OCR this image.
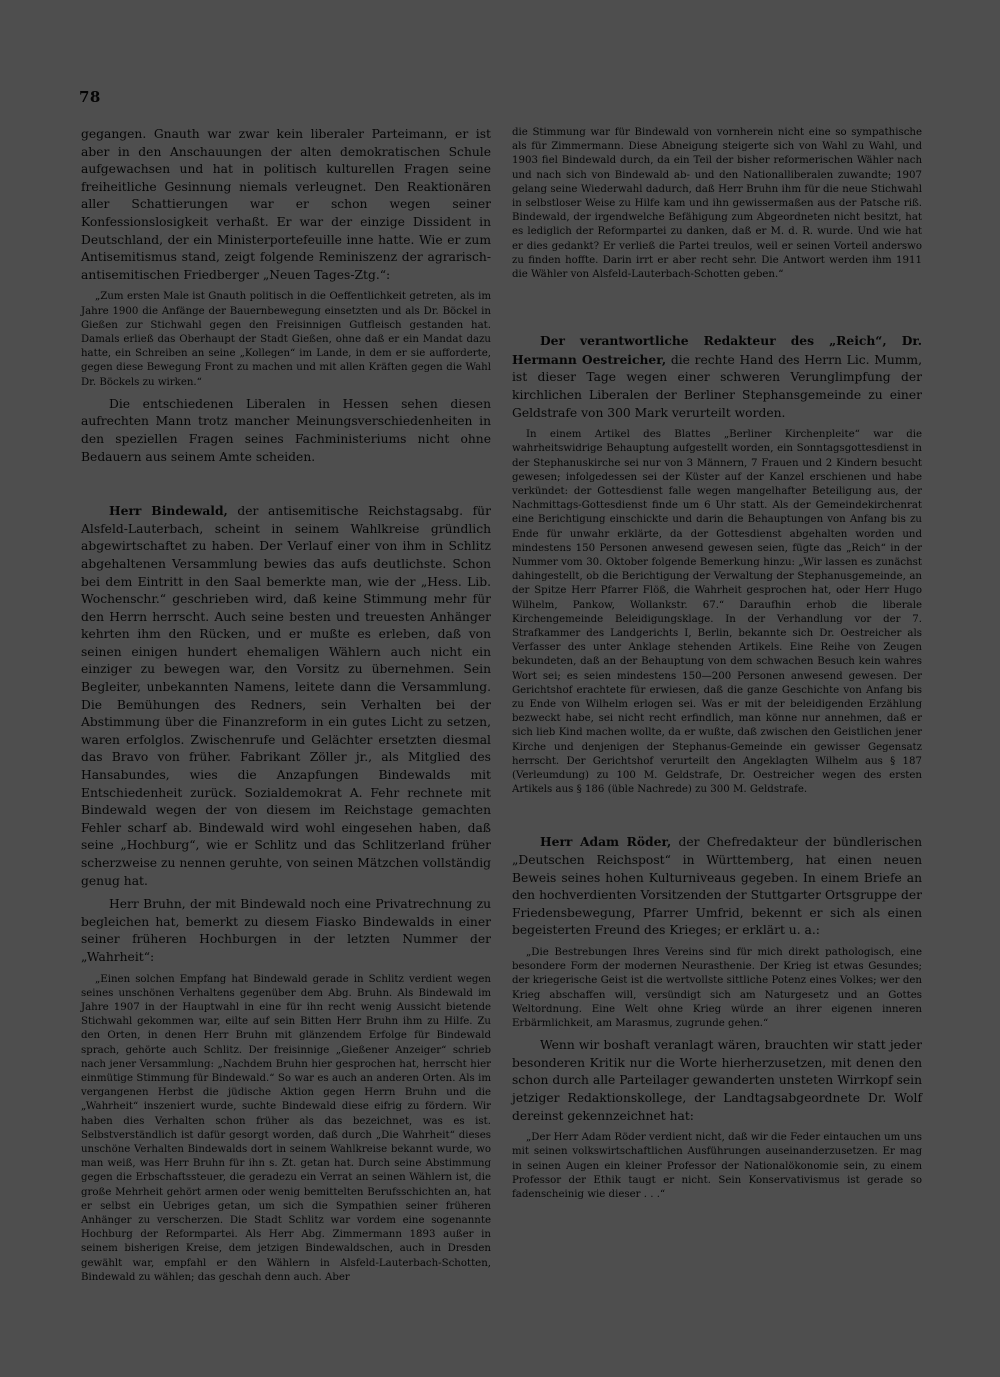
78

gegangen. Gnauth war zwar kein liberaler Parteimann, er ist aber in den Anschauungen der alten demokratischen Schule aufgewachsen und hat in politisch kulturellen Fragen seine freiheitliche Gesinnung niemals verleugnet. Den Reaktionären aller Schattierungen war er schon wegen seiner Konfessionslosigkeit verhaßt. Er war der einzige Dissident in Deutschland, der ein Ministerportefeuille inne hatte. Wie er zum Antisemitismus stand, zeigt folgende Reminiszenz der agrarisch-antisemitischen Friedberger „Neuen Tages-Ztg.“:

„Zum ersten Male ist Gnauth politisch in die Oeffentlichkeit getreten, als im Jahre 1900 die Anfänge der Bauernbewegung einsetzten und als Dr. Böckel in Gießen zur Stichwahl gegen den Freisinnigen Gutfleisch gestanden hat. Damals erließ das Oberhaupt der Stadt Gießen, ohne daß er ein Mandat dazu hatte, ein Schreiben an seine „Kollegen“ im Lande, in dem er sie aufforderte, gegen diese Bewegung Front zu machen und mit allen Kräften gegen die Wahl Dr. Böckels zu wirken.“

Die entschiedenen Liberalen in Hessen sehen diesen aufrechten Mann trotz mancher Meinungsverschiedenheiten in den speziellen Fragen seines Fachministeriums nicht ohne Bedauern aus seinem Amte scheiden.

Herr Bindewald, der antisemitische Reichstagsabg. für Alsfeld-Lauterbach, scheint in seinem Wahlkreise gründlich abgewirtschaftet zu haben. Der Verlauf einer von ihm in Schlitz abgehaltenen Versammlung bewies das aufs deutlichste. Schon bei dem Eintritt in den Saal bemerkte man, wie der „Hess. Lib. Wochenschr.“ geschrieben wird, daß keine Stimmung mehr für den Herrn herrscht. Auch seine besten und treuesten Anhänger kehrten ihm den Rücken, und er mußte es erleben, daß von seinen einigen hundert ehemaligen Wählern auch nicht ein einziger zu bewegen war, den Vorsitz zu übernehmen. Sein Begleiter, unbekannten Namens, leitete dann die Versammlung. Die Bemühungen des Redners, sein Verhalten bei der Abstimmung über die Finanzreform in ein gutes Licht zu setzen, waren erfolglos. Zwischenrufe und Gelächter ersetzten diesmal das Bravo von früher. Fabrikant Zöller jr., als Mitglied des Hansabundes, wies die Anzapfungen Bindewalds mit Entschiedenheit zurück. Sozialdemokrat A. Fehr rechnete mit Bindewald wegen der von diesem im Reichstage gemachten Fehler scharf ab. Bindewald wird wohl eingesehen haben, daß seine „Hochburg“, wie er Schlitz und das Schlitzerland früher scherzweise zu nennen geruhte, von seinen Mätzchen vollständig genug hat.

Herr Bruhn, der mit Bindewald noch eine Privatrechnung zu begleichen hat, bemerkt zu diesem Fiasko Bindewalds in einer seiner früheren Hochburgen in der letzten Nummer der „Wahrheit“:

„Einen solchen Empfang hat Bindewald gerade in Schlitz verdient wegen seines unschönen Verhaltens gegenüber dem Abg. Bruhn. Als Bindewald im Jahre 1907 in der Hauptwahl in eine für ihn recht wenig Aussicht bietende Stichwahl gekommen war, eilte auf sein Bitten Herr Bruhn ihm zu Hilfe. Zu den Orten, in denen Herr Bruhn mit glänzendem Erfolge für Bindewald sprach, gehörte auch Schlitz. Der freisinnige „Gießener Anzeiger“ schrieb nach jener Versammlung: „Nachdem Bruhn hier gesprochen hat, herrscht hier einmütige Stimmung für Bindewald.“ So war es auch an anderen Orten. Als im vergangenen Herbst die jüdische Aktion gegen Herrn Bruhn und die „Wahrheit“ inszeniert wurde, suchte Bindewald diese eifrig zu fördern. Wir haben dies Verhalten schon früher als das bezeichnet, was es ist. Selbstverständlich ist dafür gesorgt worden, daß durch „Die Wahrheit“ dieses unschöne Verhalten Bindewalds dort in seinem Wahlkreise bekannt wurde, wo man weiß, was Herr Bruhn für ihn s. Zt. getan hat. Durch seine Abstimmung gegen die Erbschaftssteuer, die geradezu ein Verrat an seinen Wählern ist, die große Mehrheit gehört armen oder wenig bemittelten Berufsschichten an, hat er selbst ein Uebriges getan, um sich die Sympathien seiner früheren Anhänger zu verscherzen. Die Stadt Schlitz war vordem eine sogenannte Hochburg der Reformpartei. Als Herr Abg. Zimmermann 1893 außer in seinem bisherigen Kreise, dem jetzigen Bindewaldschen, auch in Dresden gewählt war, empfahl er den Wählern in Alsfeld-Lauterbach-Schotten, Bindewald zu wählen; das geschah denn auch. Aber

die Stimmung war für Bindewald von vornherein nicht eine so sympathische als für Zimmermann. Diese Abneigung steigerte sich von Wahl zu Wahl, und 1903 fiel Bindewald durch, da ein Teil der bisher reformerischen Wähler nach und nach sich von Bindewald ab- und den Nationalliberalen zuwandte; 1907 gelang seine Wiederwahl dadurch, daß Herr Bruhn ihm für die neue Stichwahl in selbstloser Weise zu Hilfe kam und ihn gewissermaßen aus der Patsche riß. Bindewald, der irgendwelche Befähigung zum Abgeordneten nicht besitzt, hat es lediglich der Reformpartei zu danken, daß er M. d. R. wurde. Und wie hat er dies gedankt? Er verließ die Partei treulos, weil er seinen Vorteil anderswo zu finden hoffte. Darin irrt er aber recht sehr. Die Antwort werden ihm 1911 die Wähler von Alsfeld-Lauterbach-Schotten geben.“

Der verantwortliche Redakteur des „Reich“, Dr. Hermann Oestreicher, die rechte Hand des Herrn Lic. Mumm, ist dieser Tage wegen einer schweren Verunglimpfung der kirchlichen Liberalen der Berliner Stephansgemeinde zu einer Geldstrafe von 300 Mark verurteilt worden.

In einem Artikel des Blattes „Berliner Kirchenpleite“ war die wahrheitswidrige Behauptung aufgestellt worden, ein Sonntagsgottesdienst in der Stephanuskirche sei nur von 3 Männern, 7 Frauen und 2 Kindern besucht gewesen; infolgedessen sei der Küster auf der Kanzel erschienen und habe verkündet: der Gottesdienst falle wegen mangelhafter Beteiligung aus, der Nachmittags-Gottesdienst finde um 6 Uhr statt. Als der Gemeindekirchenrat eine Berichtigung einschickte und darin die Behauptungen von Anfang bis zu Ende für unwahr erklärte, da der Gottesdienst abgehalten worden und mindestens 150 Personen anwesend gewesen seien, fügte das „Reich“ in der Nummer vom 30. Oktober folgende Bemerkung hinzu: „Wir lassen es zunächst dahingestellt, ob die Berichtigung der Verwaltung der Stephanusgemeinde, an der Spitze Herr Pfarrer Flöß, die Wahrheit gesprochen hat, oder Herr Hugo Wilhelm, Pankow, Wollankstr. 67.“ Daraufhin erhob die liberale Kirchengemeinde Beleidigungsklage. In der Verhandlung vor der 7. Strafkammer des Landgerichts I, Berlin, bekannte sich Dr. Oestreicher als Verfasser des unter Anklage stehenden Artikels. Eine Reihe von Zeugen bekundeten, daß an der Behauptung von dem schwachen Besuch kein wahres Wort sei; es seien mindestens 150—200 Personen anwesend gewesen. Der Gerichtshof erachtete für erwiesen, daß die ganze Geschichte von Anfang bis zu Ende von Wilhelm erlogen sei. Was er mit der beleidigenden Erzählung bezweckt habe, sei nicht recht erfindlich, man könne nur annehmen, daß er sich lieb Kind machen wollte, da er wußte, daß zwischen den Geistlichen jener Kirche und denjenigen der Stephanus-Gemeinde ein gewisser Gegensatz herrscht. Der Gerichtshof verurteilt den Angeklagten Wilhelm aus § 187 (Verleumdung) zu 100 M. Geldstrafe, Dr. Oestreicher wegen des ersten Artikels aus § 186 (üble Nachrede) zu 300 M. Geldstrafe.

Herr Adam Röder, der Chefredakteur der bündlerischen „Deutschen Reichspost“ in Württemberg, hat einen neuen Beweis seines hohen Kulturniveaus gegeben. In einem Briefe an den hochverdienten Vorsitzenden der Stuttgarter Ortsgruppe der Friedensbewegung, Pfarrer Umfrid, bekennt er sich als einen begeisterten Freund des Krieges; er erklärt u. a.:

„Die Bestrebungen Ihres Vereins sind für mich direkt pathologisch, eine besondere Form der modernen Neurasthenie. Der Krieg ist etwas Gesundes; der kriegerische Geist ist die wertvollste sittliche Potenz eines Volkes; wer den Krieg abschaffen will, versündigt sich am Naturgesetz und an Gottes Weltordnung. Eine Welt ohne Krieg würde an ihrer eigenen inneren Erbärmlichkeit, am Marasmus, zugrunde gehen.“

Wenn wir boshaft veranlagt wären, brauchten wir statt jeder besonderen Kritik nur die Worte hierherzusetzen, mit denen den schon durch alle Parteilager gewanderten unsteten Wirrkopf sein jetziger Redaktionskollege, der Landtagsabgeordnete Dr. Wolf dereinst gekennzeichnet hat:

„Der Herr Adam Röder verdient nicht, daß wir die Feder eintauchen um uns mit seinen volkswirtschaftlichen Ausführungen auseinanderzusetzen. Er mag in seinen Augen ein kleiner Professor der Nationalökonomie sein, zu einem Professor der Ethik taugt er nicht. Sein Konservativismus ist gerade so fadenscheinig wie dieser . . .“
